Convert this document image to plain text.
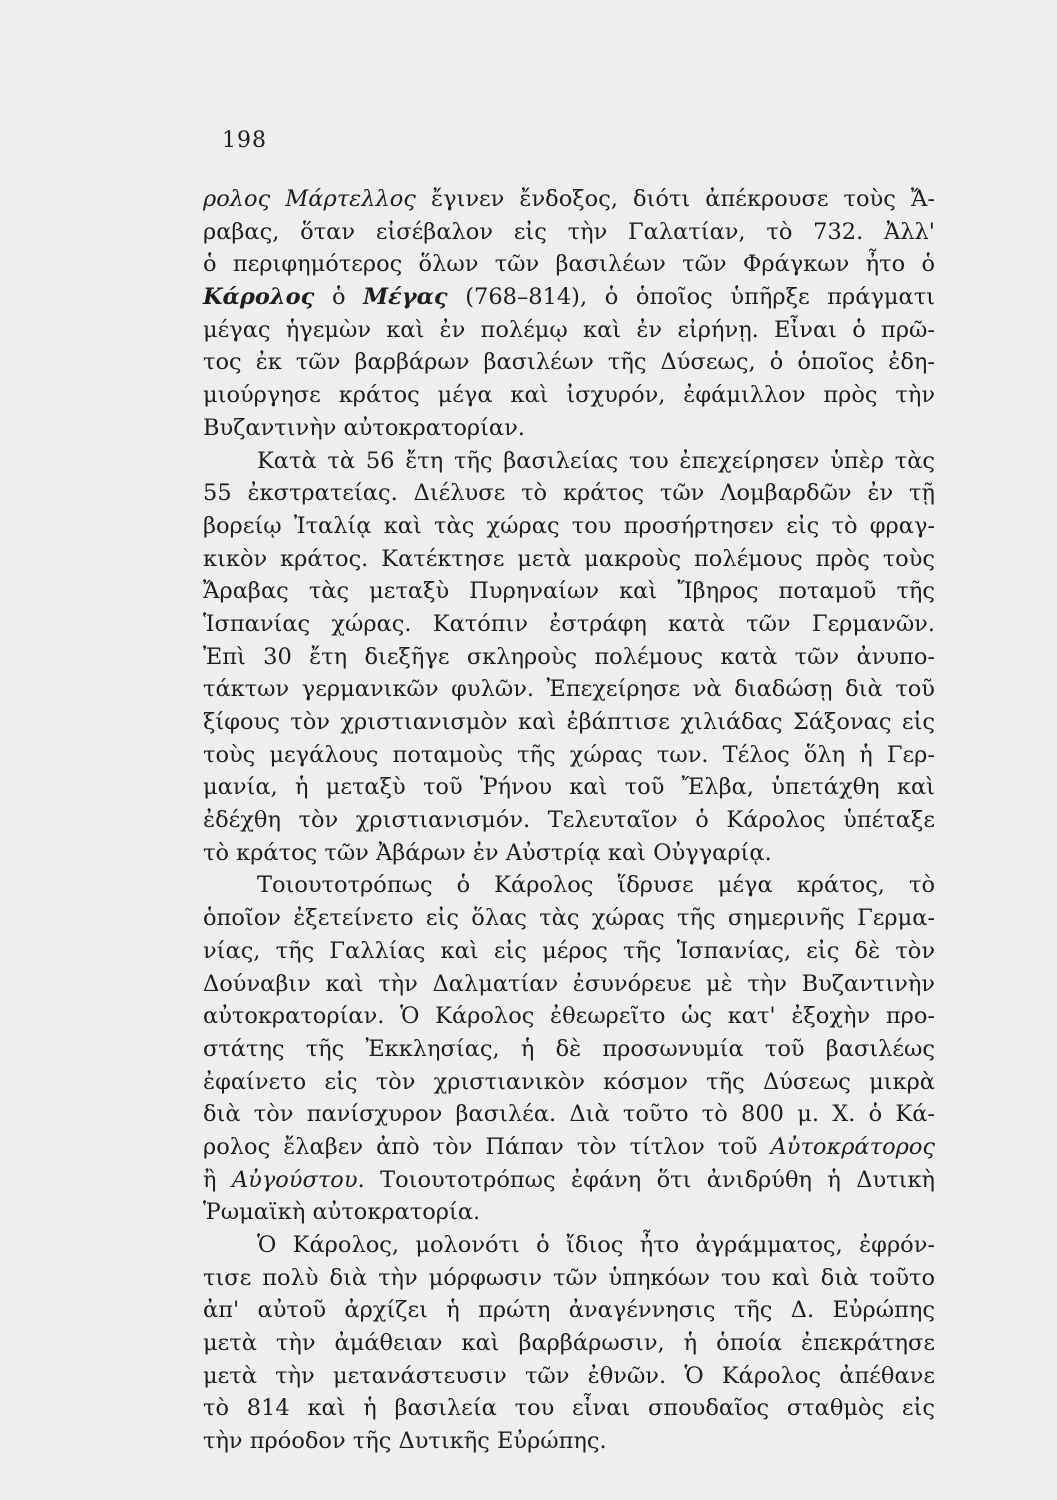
198
ρολος Μάρτελλος ἔγινεν ἔνδοξος, διότι ἀπέκρουσε τοὺς Ἄ-
ραβας, ὅταν εἰσέβαλον εἰς τὴν Γαλατίαν, τὸ 732. Ἀλλ'
ὁ περιφημότερος ὅλων τῶν βασιλέων τῶν Φράγκων ἦτο ὁ
Κάρολος ὁ Μέγας (768–814), ὁ ὁποῖος ὑπῆρξε πράγματι
μέγας ἡγεμὼν καὶ ἐν πολέμῳ καὶ ἐν εἰρήνῃ. Εἶναι ὁ πρῶ-
τος ἐκ τῶν βαρβάρων βασιλέων τῆς Δύσεως, ὁ ὁποῖος ἐδη-
μιούργησε κράτος μέγα καὶ ἰσχυρόν, ἐφάμιλλον πρὸς τὴν
Βυζαντινὴν αὐτοκρατορίαν.
Κατὰ τὰ 56 ἔτη τῆς βασιλείας του ἐπεχείρησεν ὑπὲρ τὰς
55 ἐκστρατείας. Διέλυσε τὸ κράτος τῶν Λομβαρδῶν ἐν τῇ
βορείῳ Ἰταλίᾳ καὶ τὰς χώρας του προσήρτησεν εἰς τὸ φραγ-
κικὸν κράτος. Κατέκτησε μετὰ μακροὺς πολέμους πρὸς τοὺς
Ἄραβας τὰς μεταξὺ Πυρηναίων καὶ Ἴβηρος ποταμοῦ τῆς
Ἱσπανίας χώρας. Κατόπιν ἐστράφη κατὰ τῶν Γερμανῶν.
Ἐπὶ 30 ἔτη διεξῆγε σκληροὺς πολέμους κατὰ τῶν ἀνυπο-
τάκτων γερμανικῶν φυλῶν. Ἐπεχείρησε νὰ διαδώσῃ διὰ τοῦ
ξίφους τὸν χριστιανισμὸν καὶ ἐβάπτισε χιλιάδας Σάξονας εἰς
τοὺς μεγάλους ποταμοὺς τῆς χώρας των. Τέλος ὅλη ἡ Γερ-
μανία, ἡ μεταξὺ τοῦ Ῥήνου καὶ τοῦ Ἔλβα, ὑπετάχθη καὶ
ἐδέχθη τὸν χριστιανισμόν. Τελευταῖον ὁ Κάρολος ὑπέταξε
τὸ κράτος τῶν Ἀβάρων ἐν Αὐστρίᾳ καὶ Οὐγγαρίᾳ.
Τοιουτοτρόπως ὁ Κάρολος ἵδρυσε μέγα κράτος, τὸ
ὁποῖον ἐξετείνετο εἰς ὅλας τὰς χώρας τῆς σημερινῆς Γερμα-
νίας, τῆς Γαλλίας καὶ εἰς μέρος τῆς Ἱσπανίας, εἰς δὲ τὸν
Δούναβιν καὶ τὴν Δαλματίαν ἐσυνόρευε μὲ τὴν Βυζαντινὴν
αὐτοκρατορίαν. Ὁ Κάρολος ἐθεωρεῖτο ὡς κατ' ἐξοχὴν προ-
στάτης τῆς Ἐκκλησίας, ἡ δὲ προσωνυμία τοῦ βασιλέως
ἐφαίνετο εἰς τὸν χριστιανικὸν κόσμον τῆς Δύσεως μικρὰ
διὰ τὸν πανίσχυρον βασιλέα. Διὰ τοῦτο τὸ 800 μ. Χ. ὁ Κά-
ρολος ἔλαβεν ἀπὸ τὸν Πάπαν τὸν τίτλον τοῦ Αὐτοκράτορος
ἢ Αὐγούστου. Τοιουτοτρόπως ἐφάνη ὅτι ἀνιδρύθη ἡ Δυτικὴ
Ῥωμαϊκὴ αὐτοκρατορία.
Ὁ Κάρολος, μολονότι ὁ ἴδιος ἦτο ἀγράμματος, ἐφρόν-
τισε πολὺ διὰ τὴν μόρφωσιν τῶν ὑπηκόων του καὶ διὰ τοῦτο
ἀπ' αὐτοῦ ἀρχίζει ἡ πρώτη ἀναγέννησις τῆς Δ. Εὐρώπης
μετὰ τὴν ἀμάθειαν καὶ βαρβάρωσιν, ἡ ὁποία ἐπεκράτησε
μετὰ τὴν μετανάστευσιν τῶν ἐθνῶν. Ὁ Κάρολος ἀπέθανε
τὸ 814 καὶ ἡ βασιλεία του εἶναι σπουδαῖος σταθμὸς εἰς
τὴν πρόοδον τῆς Δυτικῆς Εὐρώπης.
